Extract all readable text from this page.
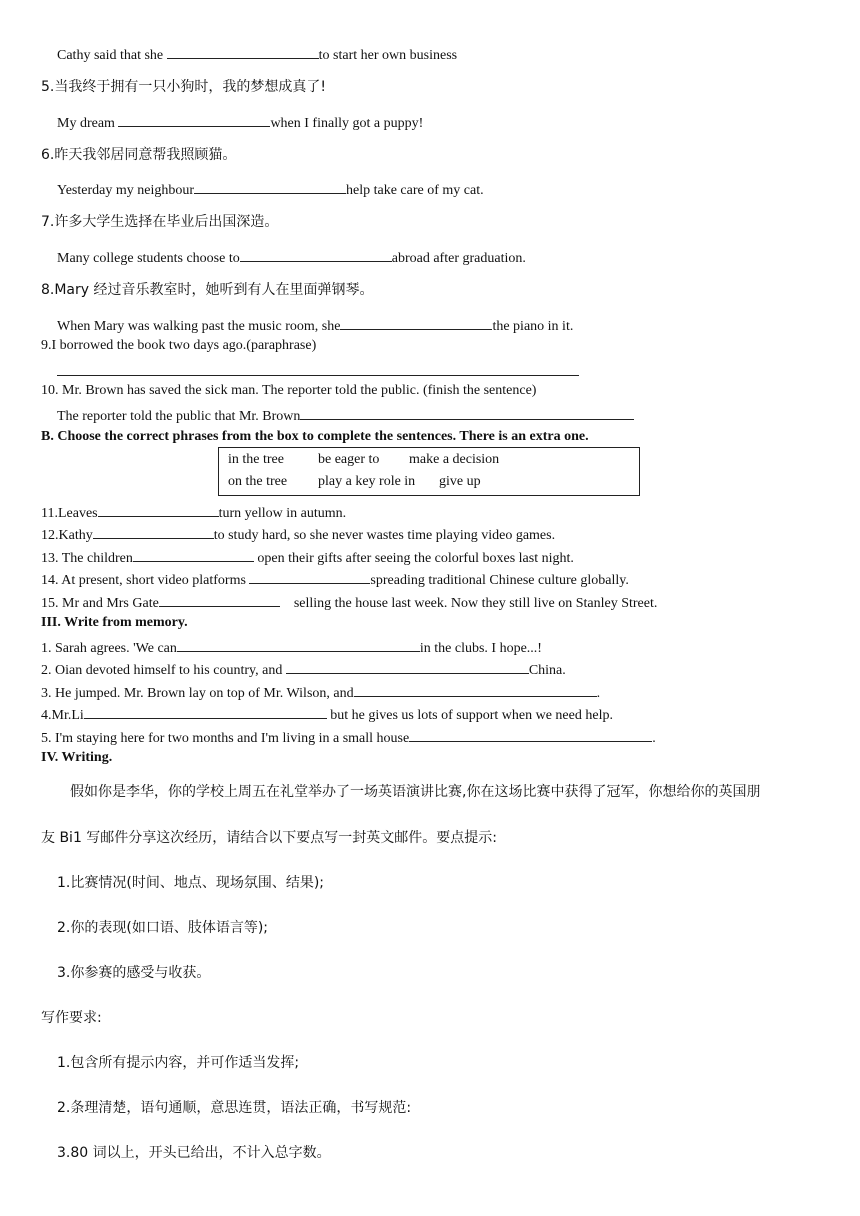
Cathy said that she	to start her own business
5.当我终于拥有一只小狗时，我的梦想成真了!
My dream	when I finally got a puppy!
6.昨天我邻居同意帮我照顾猫。
Yesterday my neighbour	help take care of my cat.
7.许多大学生选择在毕业后出国深造。
Many college students choose to	abroad after graduation.
8.Mary 经过音乐教室时，她听到有人在里面弹钢琴。
When Mary was walking past the music room, she	the piano in it.
9.I borrowed the book two days ago.(paraphrase)
10. Mr. Brown has saved the sick man. The reporter told the public. (finish the sentence)
The reporter told the public that Mr. Brown
B. Choose the correct phrases from the box to complete the sentences. There is an extra one.
in the tree be eager to make a decision
on the tree play a key role in give up
11.Leaves	turn yellow in autumn.
12.Kathy	to study hard, so she never wastes time playing video games.
13. The children	open their gifts after seeing the colorful boxes last night.
14. At present, short video platforms	spreading traditional Chinese culture globally.
15. Mr and Mrs Gate	selling the house last week. Now they still live on Stanley Street.
III. Write from memory.
1. Sarah agrees. 'We can	in the clubs. I hope...!
2. Oian devoted himself to his country, and	China.
3. He jumped. Mr. Brown lay on top of Mr. Wilson, and	.
4.Mr.Li	but he gives us lots of support when we need help.
5. I'm staying here for two months and I'm living in a small house	.
IV. Writing.
假如你是李华，你的学校上周五在礼堂举办了一场英语演讲比赛,你在这场比赛中获得了冠军，你想给你的英国朋
友 Bi1 写邮件分享这次经历，请结合以下要点写一封英文邮件。要点提示:
1.比赛情况(时间、地点、现场氛围、结果);
2.你的表现(如口语、肢体语言等);
3.你参赛的感受与收获。
写作要求:
1.包含所有提示内容，并可作适当发挥;
2.条理清楚，语句通顺，意思连贯，语法正确，书写规范:
3.80 词以上，开头已给出，不计入总字数。
